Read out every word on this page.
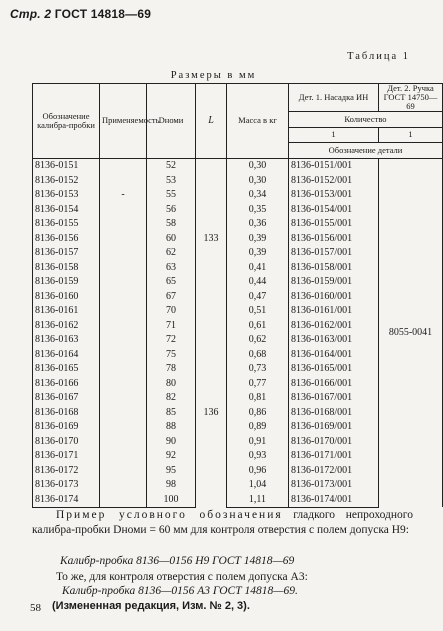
Стр. 2 ГОСТ 14818—69
Таблица 1
Размеры в мм
Обозначение калибра-пробки	Применяемость	Dноми	L	Масса в кг	Дет. 1. Насадка ИН	Дет. 2. Ручка ГОСТ 14750—69
					Количество	
					1	1
					Обозначение детали	
8136-0151		52	133	0,30	8136-0151/001	8055-0041
8136-0152		53		0,30	8136-0152/001	
8136-0153	-	55		0,34	8136-0153/001	
8136-0154		56		0,35	8136-0154/001	
8136-0155		58		0,36	8136-0155/001	
8136-0156		60		0,39	8136-0156/001	
8136-0157		62		0,39	8136-0157/001	
8136-0158		63		0,41	8136-0158/001	
8136-0159		65		0,44	8136-0159/001	
8136-0160		67		0,47	8136-0160/001	
8136-0161		70		0,51	8136-0161/001	
8136-0162		71	136	0,61	8136-0162/001	
8136-0163		72		0,62	8136-0163/001	
8136-0164		75		0,68	8136-0164/001	
8136-0165		78		0,73	8136-0165/001	
8136-0166		80		0,77	8136-0166/001	
8136-0167		82		0,81	8136-0167/001	
8136-0168		85		0,86	8136-0168/001	
8136-0169		88		0,89	8136-0169/001	
8136-0170		90		0,91	8136-0170/001	
8136-0171		92		0,93	8136-0171/001	
8136-0172		95		0,96	8136-0172/001	
8136-0173		98		1,04	8136-0173/001	
8136-0174		100		1,11	8136-0174/001	
Пример условного обозначения гладкого непроходного калибра-пробки Dноми = 60 мм для контроля отверстия с полем допуска H9:
Калибр-пробка 8136—0156 H9 ГОСТ 14818—69
То же, для контроля отверстия с полем допуска A3:
Калибр-пробка 8136—0156 A3 ГОСТ 14818—69.
(Измененная редакция, Изм. № 2, 3).
58
